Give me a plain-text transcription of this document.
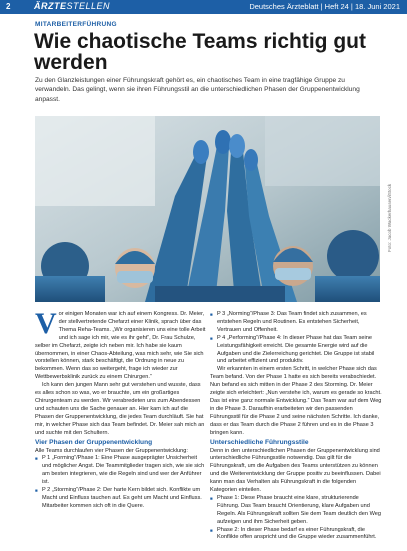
2	ÄRZTESTELLEN	Deutsches Ärzteblatt | Heft 24 | 18. Juni 2021
MITARBEITERFÜHRUNG
Wie chaotische Teams richtig gut werden

Zu den Glanzleistungen einer Führungskraft gehört es, ein chaotisches Team in eine tragfähige Gruppe zu verwandeln. Das gelingt, wenn sie ihren Führungsstil an die unterschiedlichen Phasen der Gruppenentwicklung anpasst.

Foto: Jacob Wackerhausen/iStock

Vor einigen Monaten war ich auf einem Kongress. Dr. Meier, der stellvertretende Chefarzt einer Klinik, sprach über das Thema Reha-Teams. „Wir organisieren uns eine tolle Arbeit und ich sage ich mir, wie es ihr geht“, Dr. Frau Schulze, selber im Chefarzt, zeigte ich neben mir. Ich habe sie kaum übernommen, in einer Chaos-Abteilung, was mich sehr, wie Sie sich vorstellen können, stark beschäftigt, die Ordnung in neue zu bekommen. Wenn das so weitergeht, frage ich wieder zur Wettbewerbsklinik zurück zu einem Chirurgen.“

Ich kann den jungen Mann sehr gut verstehen und wusste, dass es alles schon so was, wo er brauchte, um ein großartiges Chirurgenteam zu werden. Wir verabredeten uns zum Abendessen und schauten uns die Sache genauer an. Hier kam ich auf die Phasen der Gruppenentwicklung, die jedes Team durchläuft. Sie hat mir, in welcher Phase sich das Team befindet. Dr. Meier sah mich an und suchte mit den Schultern.

Vier Phasen der Gruppenentwicklung

Alle Teams durchlaufen vier Phasen der Gruppenentwicklung:

■ P 1 „Forming“/Phase 1: Eine Phase ausgeprägter Unsicherheit und möglicher Angst. Die Teammitglieder tragen sich, wie sie sich am besten integrieren, wie die Regeln sind und wer der Anführer ist.

■ P 2 „Storming“/Phase 2: Der harte Kern bildet sich. Konflikte um Macht und Einfluss tauchen auf. Es geht um Macht und Einfluss. Mitarbeiter kommen sich oft in die Quere.

■ P 3 „Norming“/Phase 3: Das Team findet sich zusammen, es entstehen Regeln und Routinen. Es entstehen Sicherheit, Vertrauen und Offenheit.

■ P 4 „Performing“/Phase 4: In dieser Phase hat das Team seine Leistungsfähigkeit erreicht. Die gesamte Energie wird auf die Aufgaben und die Zielerreichung gerichtet. Die Gruppe ist stabil und arbeitet effizient und produktiv.

Wir erkannten in einem ersten Schritt, in welcher Phase sich das Team befand. Von der Phase 1 hatte es sich bereits verabschiedet. Nun befand es sich mitten in der Phase 2 des Storming. Dr. Meier zeigte sich erleichtert: „Nun verstehe ich, warum es gerade so kracht. Das ist eine ganz normale Entwicklung.“ Das Team war auf dem Weg in die Phase 3. Daraufhin erarbeiteten wir den passenden Führungsstil für die Phase 2 und seine nächsten Schritte. Ich danke, dass er das Team durch die Phase 2 führen und es in die Phase 3 bringen kann.

Unterschiedliche Führungsstile

Denn in den unterschiedlichen Phasen der Gruppenentwicklung sind unterschiedliche Führungsstile notwendig. Das gilt für die Führungskraft, um die Aufgaben des Teams unterstützen zu können und die Weiterentwicklung der Gruppe positiv zu beeinflussen. Dabei kann man das Verhalten als Führungskraft in die folgenden Kategorien einteilen.

■ Phase 1: Diese Phase braucht eine klare, strukturierende Führung. Das Team braucht Orientierung, klare Aufgaben und Regeln. Als Führungskraft sollten Sie dem Team deutlich den Weg aufzeigen und ihm Sicherheit geben.

■ Phase 2: In dieser Phase bedarf es einer Führungskraft, die Konflikte offen anspricht und die Gruppe wieder zusammenführt.
